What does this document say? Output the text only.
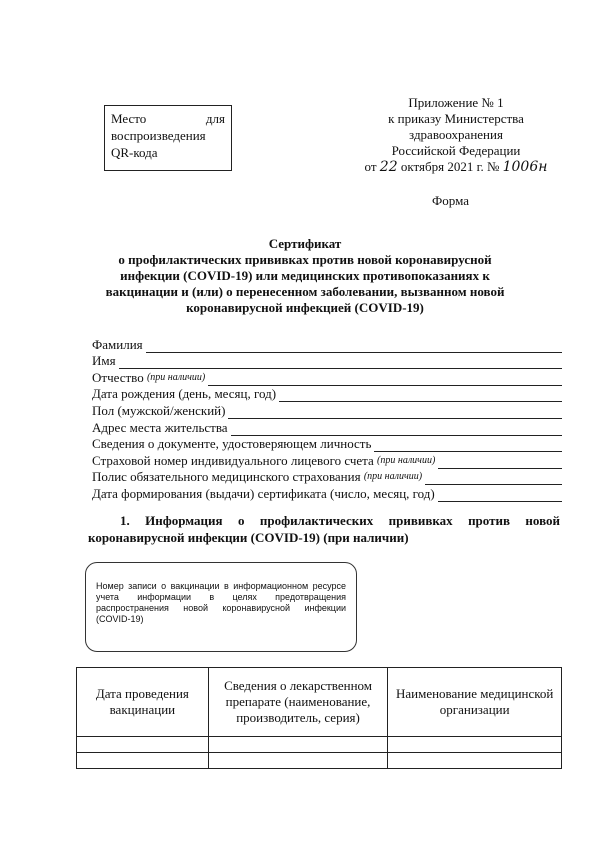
Место	для
воспроизведения
QR-кода
Приложение № 1
к приказу Министерства
здравоохранения
Российской Федерации
от 22 октября 2021 г. № 1006н
Форма
Сертификат
о профилактических прививках против новой коронавирусной инфекции (COVID-19) или медицинских противопоказаниях к вакцинации и (или) о перенесенном заболевании, вызванном новой коронавирусной инфекцией (COVID-19)
Фамилия
Имя
Отчество
(при наличии)
Дата рождения (день, месяц, год)
Пол (мужской/женский)
Адрес места жительства
Сведения о документе, удостоверяющем личность
Страховой номер индивидуального лицевого счета
(при наличии)
Полис обязательного медицинского страхования
(при наличии)
Дата формирования (выдачи) сертификата (число, месяц, год)
1. Информация о профилактических прививках против новой коронавирусной инфекции (COVID-19) (при наличии)
Номер записи о вакцинации в информационном ресурсе учета информации в целях предотвращения распространения новой коронавирусной инфекции (COVID-19)
Дата проведения вакцинации	Сведения о лекарственном препарате (наименование, производитель, серия)	Наименование медицинской организации
